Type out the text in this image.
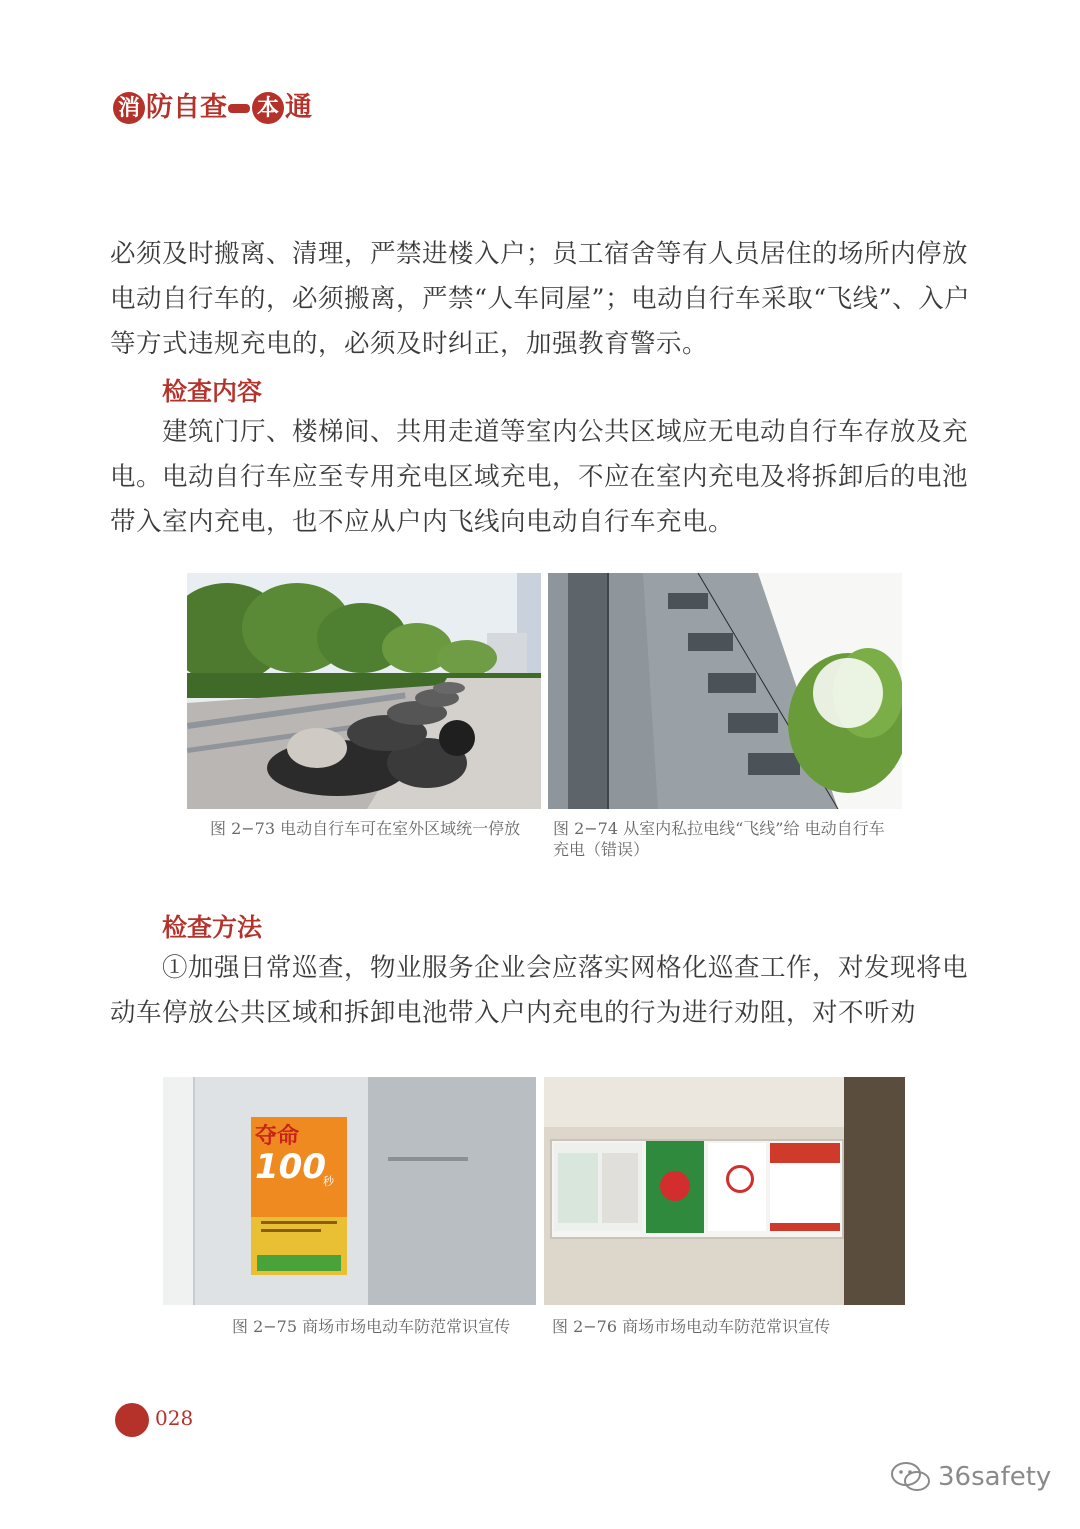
消 防 自 查 本 通

必须及时搬离、清理，严禁进楼入户；员工宿舍等有人员居住的场所内停放电动自行车的，必须搬离，严禁“人车同屋”；电动自行车采取“飞线”、入户等方式违规充电的，必须及时纠正，加强教育警示。

检查内容

建筑门厅、楼梯间、共用走道等室内公共区域应无电动自行车存放及充电。电动自行车应至专用充电区域充电，不应在室内充电及将拆卸后的电池带入室内充电，也不应从户内飞线向电动自行车充电。

图 2−73 电动自行车可在室外区域统一停放	图 2−74 从室内私拉电线“飞线”给 电动自行车充电（错误）

检查方法

①加强日常巡查，物业服务企业会应落实网格化巡查工作，对发现将电动车停放公共区域和拆卸电池带入户内充电的行为进行劝阻，对不听劝

夺命
100
秒
图 2−75 商场市场电动车防范常识宣传	图 2−76 商场市场电动车防范常识宣传
028
36safety
